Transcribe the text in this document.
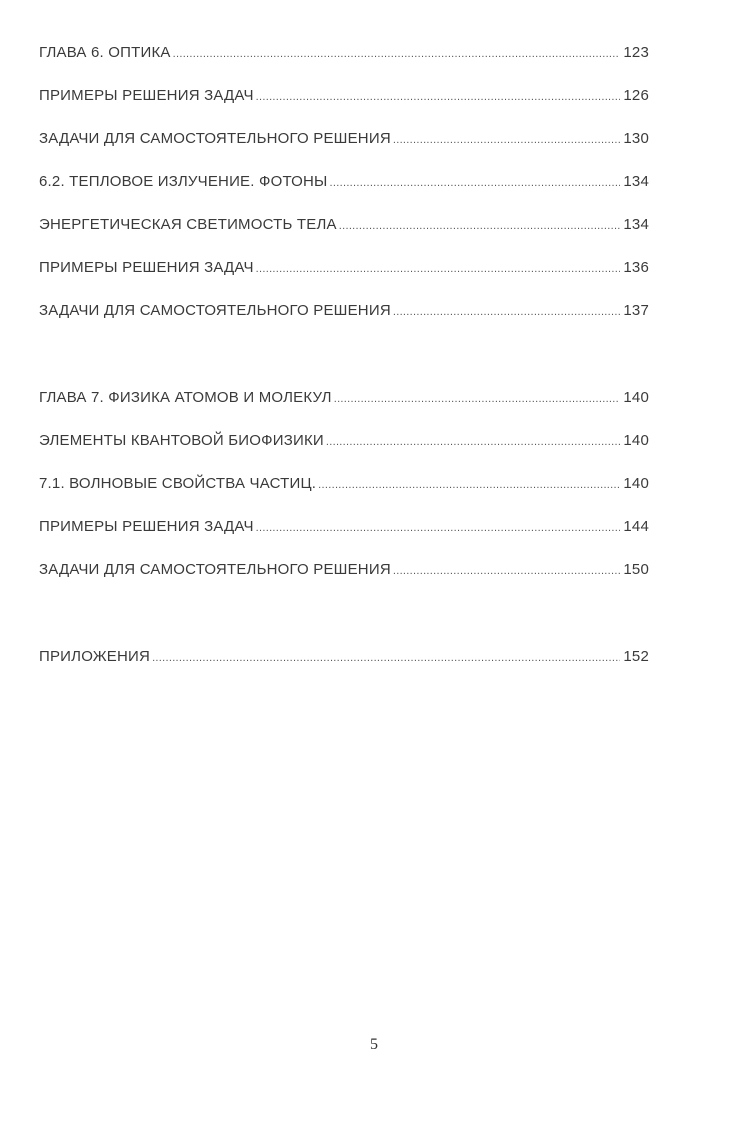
ГЛАВА 6. ОПТИКА .....	123
ПРИМЕРЫ РЕШЕНИЯ ЗАДАЧ .....	126
ЗАДАЧИ ДЛЯ САМОСТОЯТЕЛЬНОГО РЕШЕНИЯ .....	130
6.2. ТЕПЛОВОЕ ИЗЛУЧЕНИЕ. ФОТОНЫ .....	134
ЭНЕРГЕТИЧЕСКАЯ СВЕТИМОСТЬ ТЕЛА .....	134
ПРИМЕРЫ РЕШЕНИЯ ЗАДАЧ .....	136
ЗАДАЧИ ДЛЯ САМОСТОЯТЕЛЬНОГО РЕШЕНИЯ .....	137
ГЛАВА 7. ФИЗИКА АТОМОВ И МОЛЕКУЛ .....	140
ЭЛЕМЕНТЫ КВАНТОВОЙ БИОФИЗИКИ .....	140
7.1. ВОЛНОВЫЕ СВОЙСТВА ЧАСТИЦ. .....	140
ПРИМЕРЫ РЕШЕНИЯ ЗАДАЧ .....	144
ЗАДАЧИ ДЛЯ САМОСТОЯТЕЛЬНОГО РЕШЕНИЯ .....	150
ПРИЛОЖЕНИЯ .....	152
5
